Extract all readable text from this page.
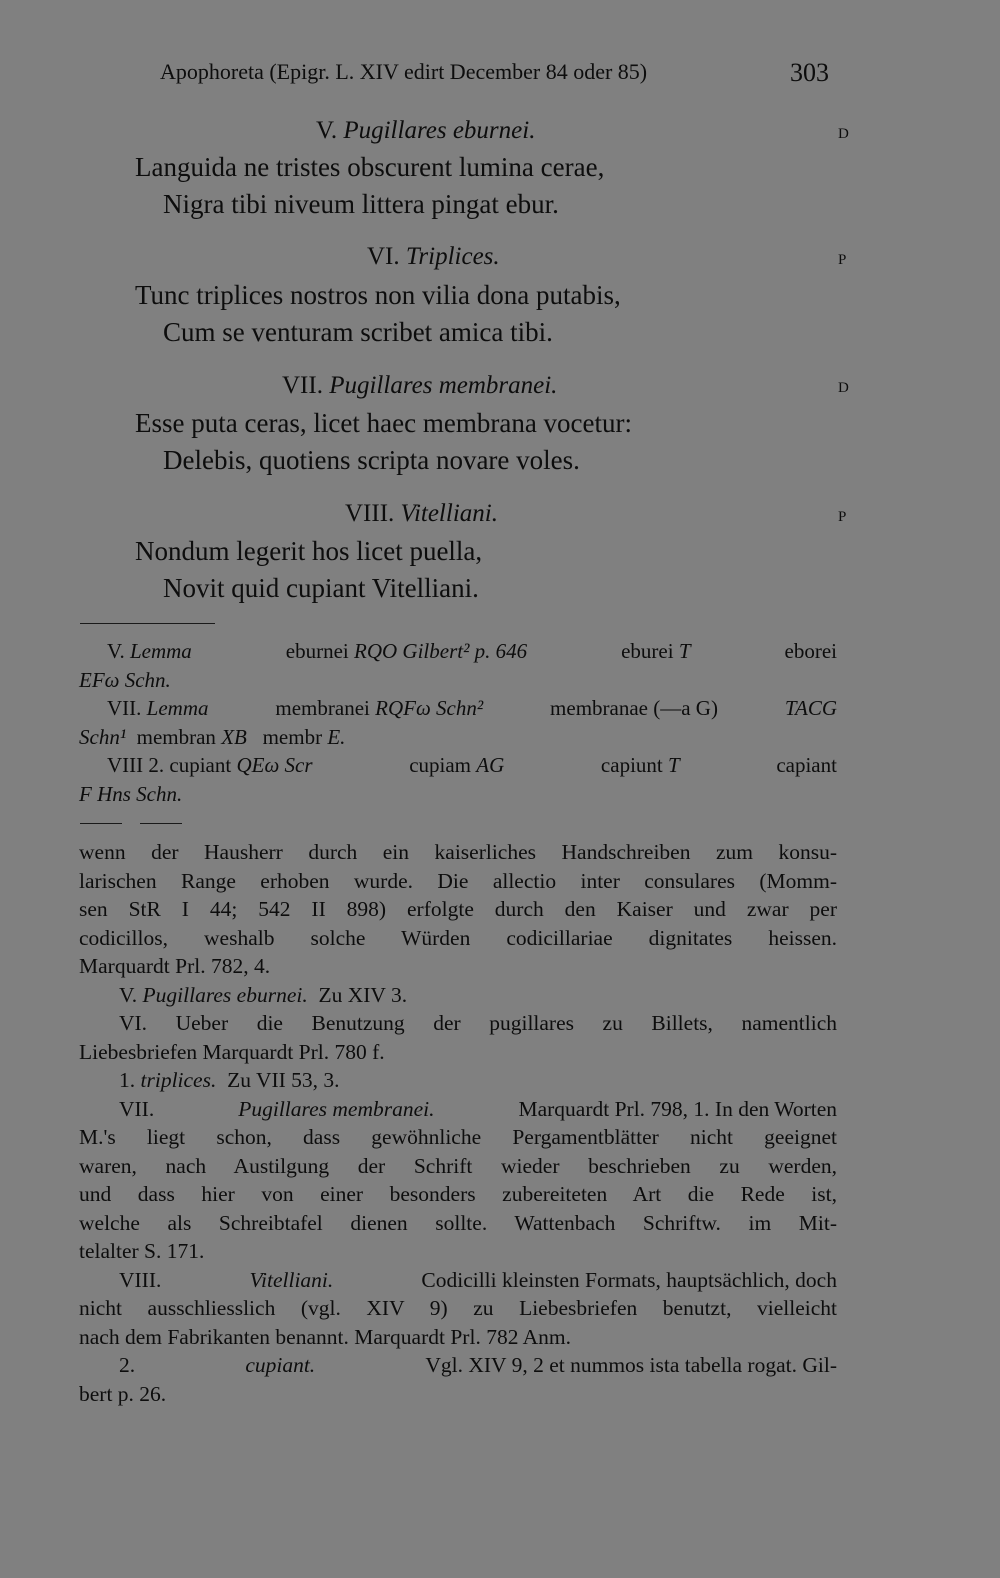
Apophoreta (Epigr. L. XIV edirt December 84 oder 85)	303
V. Pugillares eburnei.	D
Languida ne tristes obscurent lumina cerae,
Nigra tibi niveum littera pingat ebur.
VI. Triplices.	P
Tunc triplices nostros non vilia dona putabis,
Cum se venturam scribet amica tibi.
VII. Pugillares membranei.	D
Esse puta ceras, licet haec membrana vocetur:
Delebis, quotiens scripta novare voles.
VIII. Vitelliani.	P
Nondum legerit hos licet puella,
Novit quid cupiant Vitelliani.
V. Lemma	eburnei RQO Gilbert² p. 646	eburei T	eborei
EFω Schn.
VII. Lemma	membranei RQFω Schn²	membranae (—a G)	TACG
Schn¹ membran XB membr E.
VIII 2. cupiant QEω Scr	cupiam AG	capiunt T	capiant
F Hns Schn.
wenn der Hausherr durch ein kaiserliches Handschreiben zum konsu-
larischen Range erhoben wurde. Die allectio inter consulares (Momm-
sen StR I 44; 542 II 898) erfolgte durch den Kaiser und zwar per
codicillos, weshalb solche Würden codicillariae dignitates heissen.
Marquardt Prl. 782, 4.
V. Pugillares eburnei. Zu XIV 3.
VI. Ueber die Benutzung der pugillares zu Billets, namentlich
Liebesbriefen Marquardt Prl. 780 f.
1. triplices. Zu VII 53, 3.
VII.	Pugillares membranei.	Marquardt Prl. 798, 1. In den Worten
M.'s liegt schon, dass gewöhnliche Pergamentblätter nicht geeignet
waren, nach Austilgung der Schrift wieder beschrieben zu werden,
und dass hier von einer besonders zubereiteten Art die Rede ist,
welche als Schreibtafel dienen sollte. Wattenbach Schriftw. im Mit-
telalter S. 171.
VIII.	Vitelliani.	Codicilli kleinsten Formats, hauptsächlich, doch
nicht ausschliesslich (vgl. XIV 9) zu Liebesbriefen benutzt, vielleicht
nach dem Fabrikanten benannt. Marquardt Prl. 782 Anm.
2.	cupiant.	Vgl. XIV 9, 2 et nummos ista tabella rogat. Gil-
bert p. 26.
